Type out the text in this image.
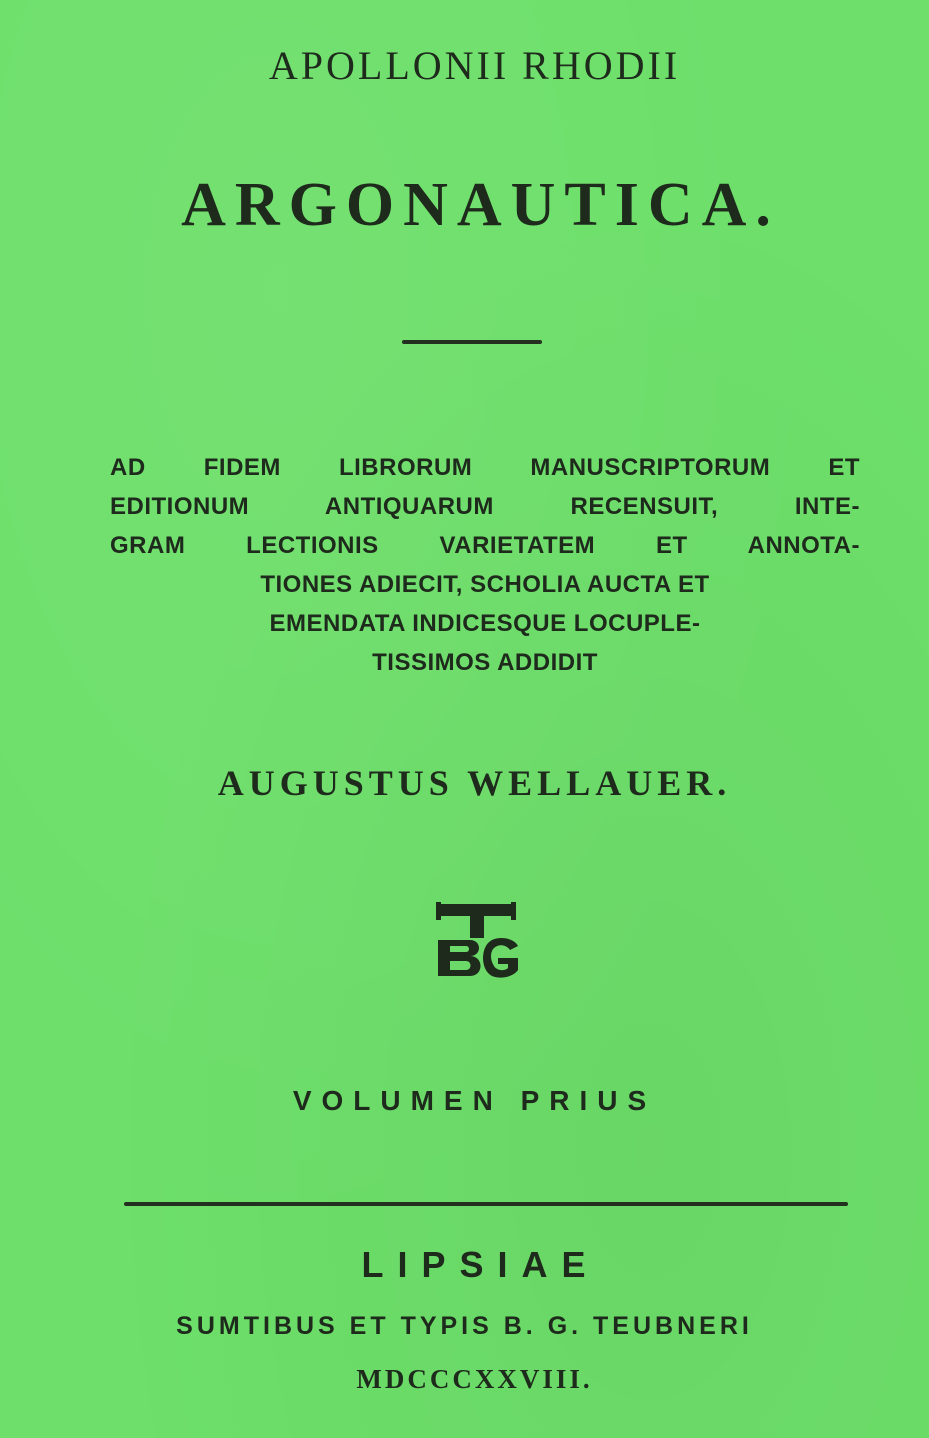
APOLLONII RHODII
ARGONAUTICA.
AD FIDEM LIBRORUM MANUSCRIPTORUM ET
EDITIONUM ANTIQUARUM RECENSUIT, INTE-
GRAM LECTIONIS VARIETATEM ET ANNOTA-
TIONES ADIECIT, SCHOLIA AUCTA ET
EMENDATA INDICESQUE LOCUPLE-
TISSIMOS ADDIDIT
AUGUSTUS WELLAUER.
VOLUMEN PRIUS
LIPSIAE
SUMTIBUS ET TYPIS B. G. TEUBNERI
MDCCCXXVIII.
